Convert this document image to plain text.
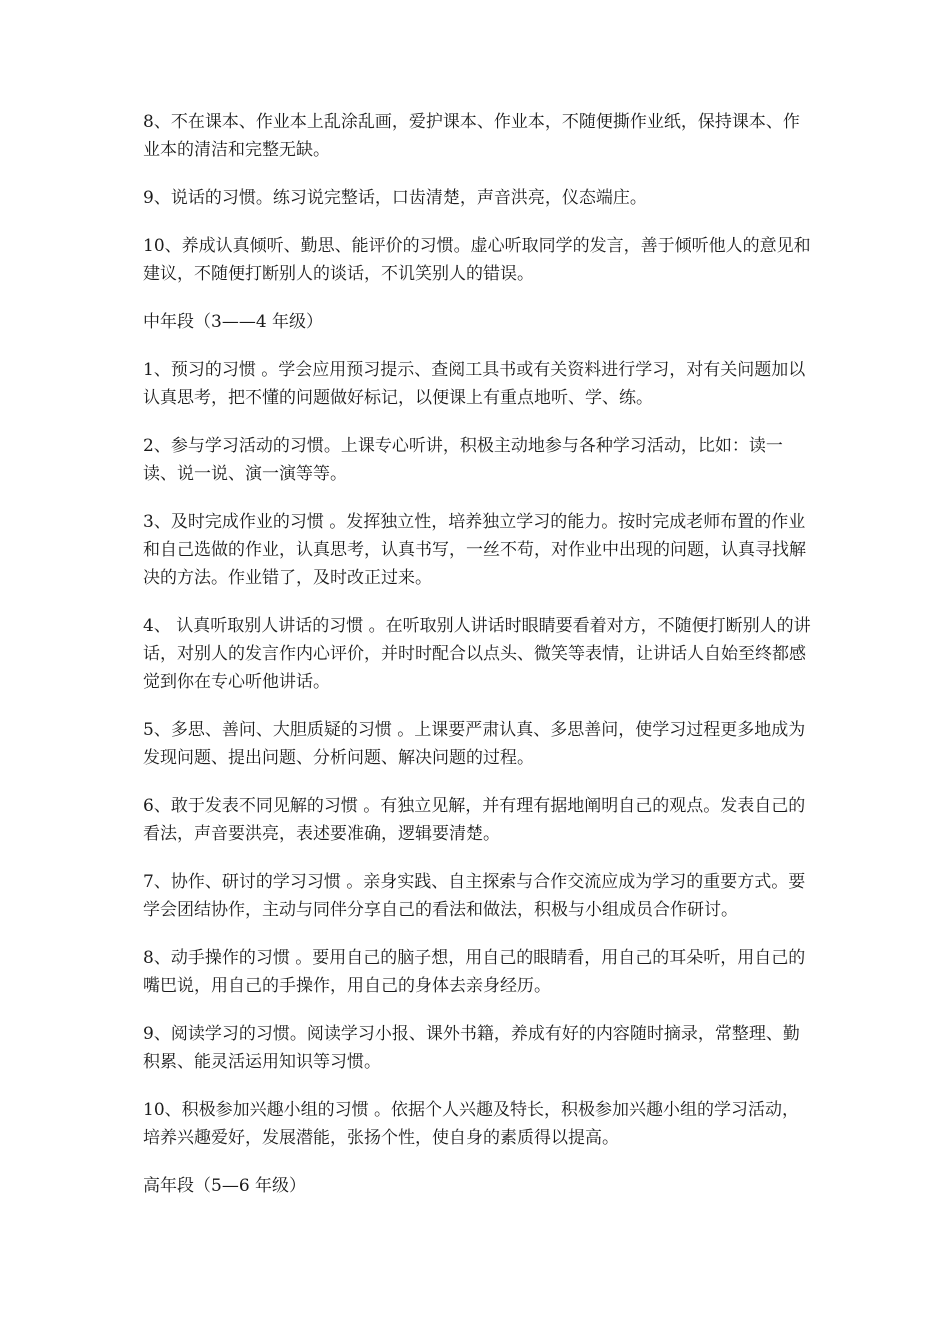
8、不在课本、作业本上乱涂乱画，爱护课本、作业本，不随便撕作业纸，保持课本、作业本的清洁和完整无缺。

9、说话的习惯。练习说完整话，口齿清楚，声音洪亮，仪态端庄。

10、养成认真倾听、勤思、能评价的习惯。虚心听取同学的发言，善于倾听他人的意见和建议，不随便打断别人的谈话，不讥笑别人的错误。

中年段（3——4 年级）

1、预习的习惯 。学会应用预习提示、查阅工具书或有关资料进行学习，对有关问题加以认真思考，把不懂的问题做好标记，以便课上有重点地听、学、练。

2、参与学习活动的习惯。上课专心听讲，积极主动地参与各种学习活动，比如：读一读、说一说、演一演等等。

3、及时完成作业的习惯 。发挥独立性，培养独立学习的能力。按时完成老师布置的作业和自己选做的作业，认真思考，认真书写，一丝不苟，对作业中出现的问题，认真寻找解决的方法。作业错了，及时改正过来。

4、 认真听取别人讲话的习惯 。在听取别人讲话时眼睛要看着对方，不随便打断别人的讲话，对别人的发言作内心评价，并时时配合以点头、微笑等表情，让讲话人自始至终都感觉到你在专心听他讲话。

5、多思、善问、大胆质疑的习惯 。上课要严肃认真、多思善问，使学习过程更多地成为发现问题、提出问题、分析问题、解决问题的过程。

6、敢于发表不同见解的习惯 。有独立见解，并有理有据地阐明自己的观点。发表自己的看法，声音要洪亮，表述要准确，逻辑要清楚。

7、协作、研讨的学习习惯 。亲身实践、自主探索与合作交流应成为学习的重要方式。要学会团结协作，主动与同伴分享自己的看法和做法，积极与小组成员合作研讨。

8、动手操作的习惯 。要用自己的脑子想，用自己的眼睛看，用自己的耳朵听，用自己的嘴巴说，用自己的手操作，用自己的身体去亲身经历。

9、阅读学习的习惯。阅读学习小报、课外书籍，养成有好的内容随时摘录，常整理、勤积累、能灵活运用知识等习惯。

10、积极参加兴趣小组的习惯 。依据个人兴趣及特长，积极参加兴趣小组的学习活动，培养兴趣爱好，发展潜能，张扬个性，使自身的素质得以提高。

高年段（5—6 年级）
